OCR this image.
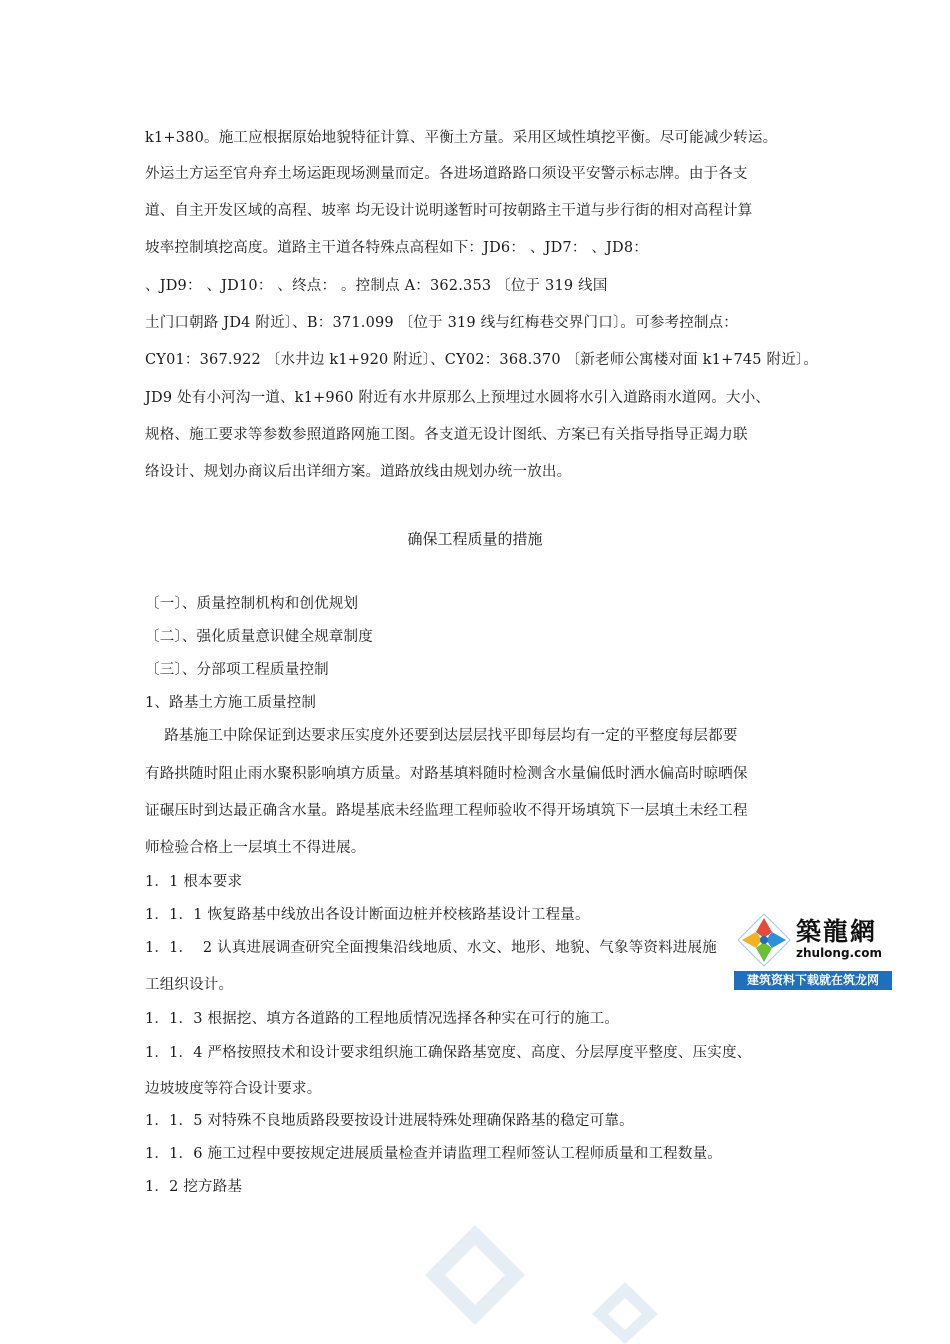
k1+380。施工应根据原始地貌特征计算、平衡土方量。采用区域性填挖平衡。尽可能减少转运。
外运土方运至官舟弃土场运距现场测量而定。各进场道路路口须设平安警示标志牌。由于各支
道、自主开发区域的高程、坡率 均无设计说明遂暂时可按朝路主干道与步行街的相对高程计算
坡率控制填挖高度。道路主干道各特殊点高程如下：JD6： 、JD7： 、JD8：
、JD9： 、JD10： 、终点： 。控制点 A：362.353 〔位于 319 线国
土门口朝路 JD4 附近〕、B：371.099 〔位于 319 线与红梅巷交界门口〕。可参考控制点：
CY01：367.922 〔水井边 k1+920 附近〕、CY02：368.370 〔新老师公寓楼对面 k1+745 附近〕。
JD9 处有小河沟一道、k1+960 附近有水井原那么上预埋过水圆将水引入道路雨水道网。大小、
规格、施工要求等参数参照道路网施工图。各支道无设计图纸、方案已有关指导指导正竭力联
络设计、规划办商议后出详细方案。道路放线由规划办统一放出。
确保工程质量的措施
〔一〕、质量控制机构和创优规划
〔二〕、强化质量意识健全规章制度
〔三〕、分部项工程质量控制
1、路基土方施工质量控制
路基施工中除保证到达要求压实度外还要到达层层找平即每层均有一定的平整度每层都要
有路拱随时阻止雨水聚积影响填方质量。对路基填料随时检测含水量偏低时洒水偏高时晾晒保
证碾压时到达最正确含水量。路堤基底未经监理工程师验收不得开场填筑下一层填土未经工程
师检验合格上一层填土不得进展。
1．1 根本要求
1．1．1 恢复路基中线放出各设计断面边桩并校核路基设计工程量。
1．1．  2 认真进展调查研究全面搜集沿线地质、水文、地形、地貌、气象等资料进展施
工组织设计。
1．1．3 根据挖、填方各道路的工程地质情况选择各种实在可行的施工。
1．1．4 严格按照技术和设计要求组织施工确保路基宽度、高度、分层厚度平整度、压实度、
边坡坡度等符合设计要求。
1．1．5 对特殊不良地质路段要按设计进展特殊处理确保路基的稳定可靠。
1．1．6 施工过程中要按规定进展质量检查并请监理工程师签认工程师质量和工程数量。
1．2 挖方路基
築龍網
zhulong.com
建筑资料下载就在筑龙网
